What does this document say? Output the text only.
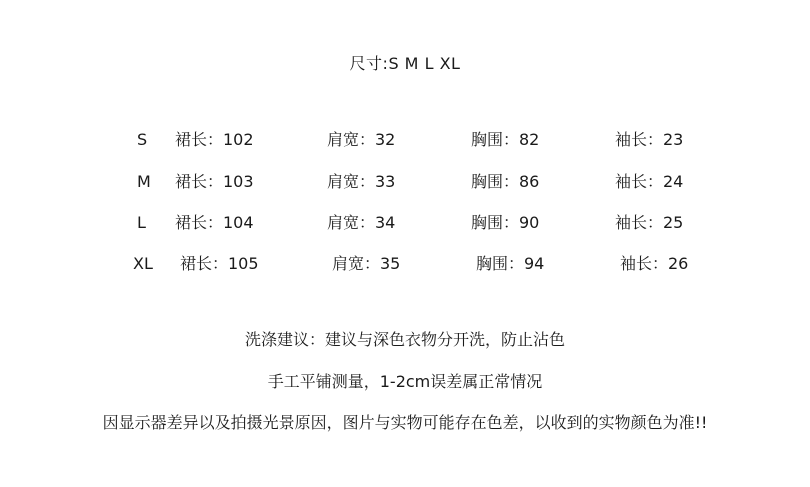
尺寸:S M L XL
S 裙长：102	肩宽：32	胸围：82	袖长：23
M 裙长：103	肩宽：33	胸围：86	袖长：24
L 裙长：104	肩宽：34	胸围：90	袖长：25
XL 裙长：105	肩宽：35	胸围：94	袖长：26
洗涤建议：建议与深色衣物分开洗，防止沾色
手工平铺测量，1-2cm误差属正常情况
因显示器差异以及拍摄光景原因，图片与实物可能存在色差，以收到的实物颜色为准!!
